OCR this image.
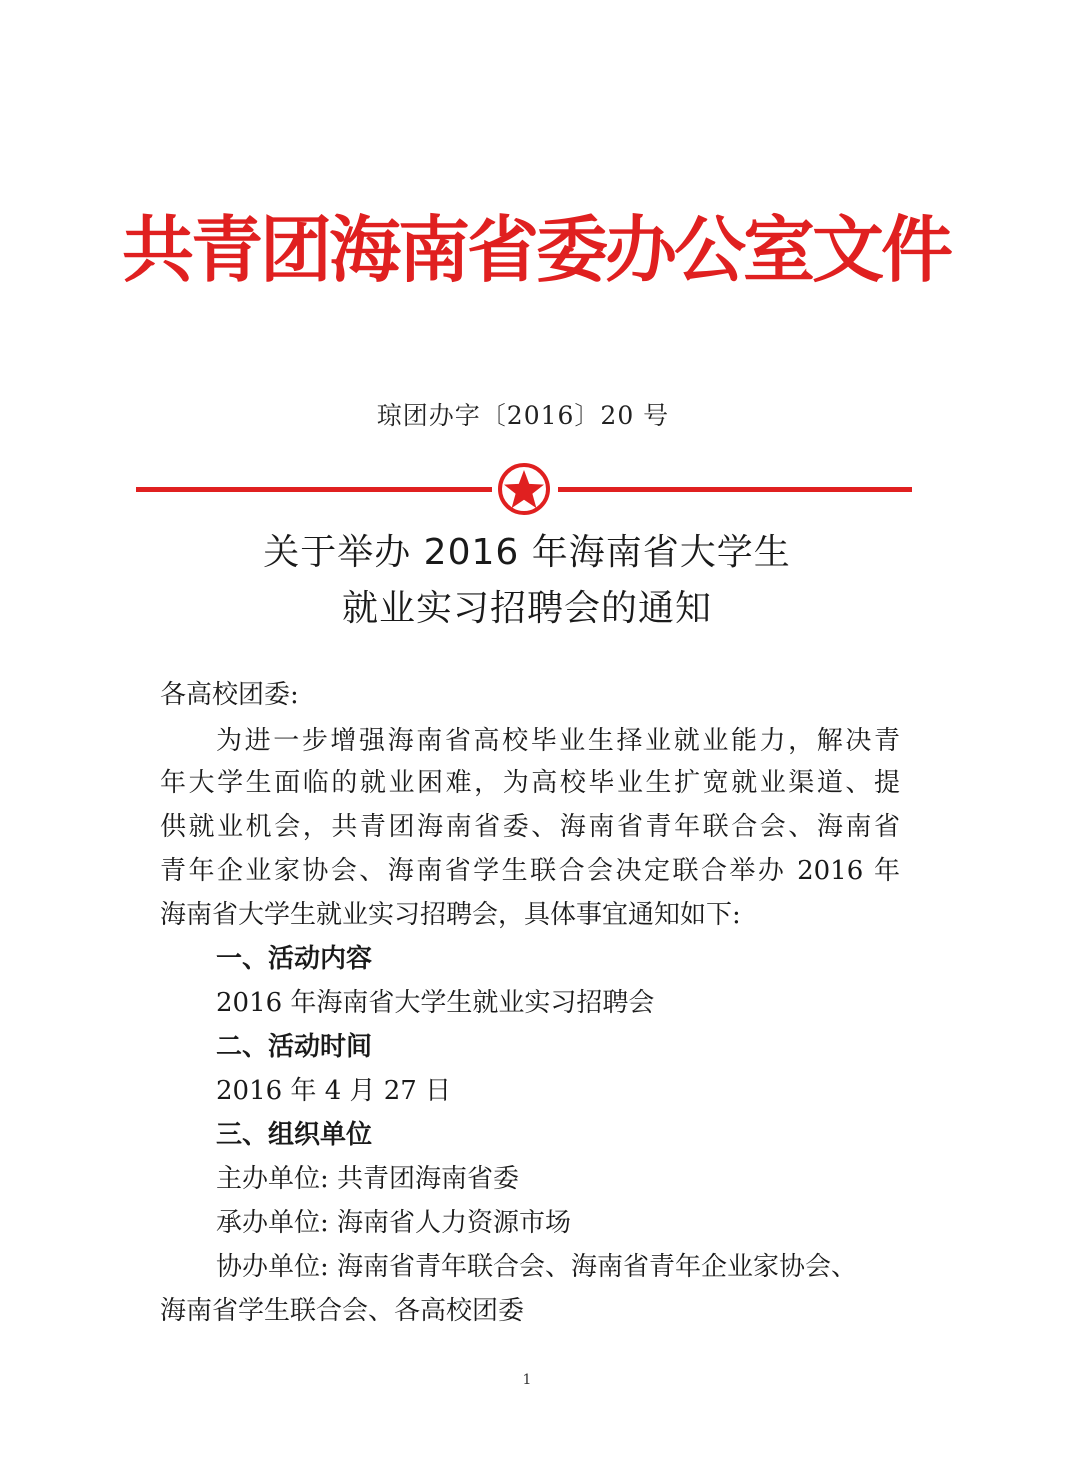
共青团海南省委办公室文件
琼团办字〔2016〕20 号
关于举办 2016 年海南省大学生
就业实习招聘会的通知
各高校团委:
为进一步增强海南省高校毕业生择业就业能力，解决青
年大学生面临的就业困难，为高校毕业生扩宽就业渠道、提
供就业机会，共青团海南省委、海南省青年联合会、海南省
青年企业家协会、海南省学生联合会决定联合举办 2016 年
海南省大学生就业实习招聘会，具体事宜通知如下:
一、活动内容
2016 年海南省大学生就业实习招聘会
二、活动时间
2016 年 4 月 27 日
三、组织单位
主办单位: 共青团海南省委
承办单位: 海南省人力资源市场
协办单位: 海南省青年联合会、海南省青年企业家协会、
海南省学生联合会、各高校团委
1
